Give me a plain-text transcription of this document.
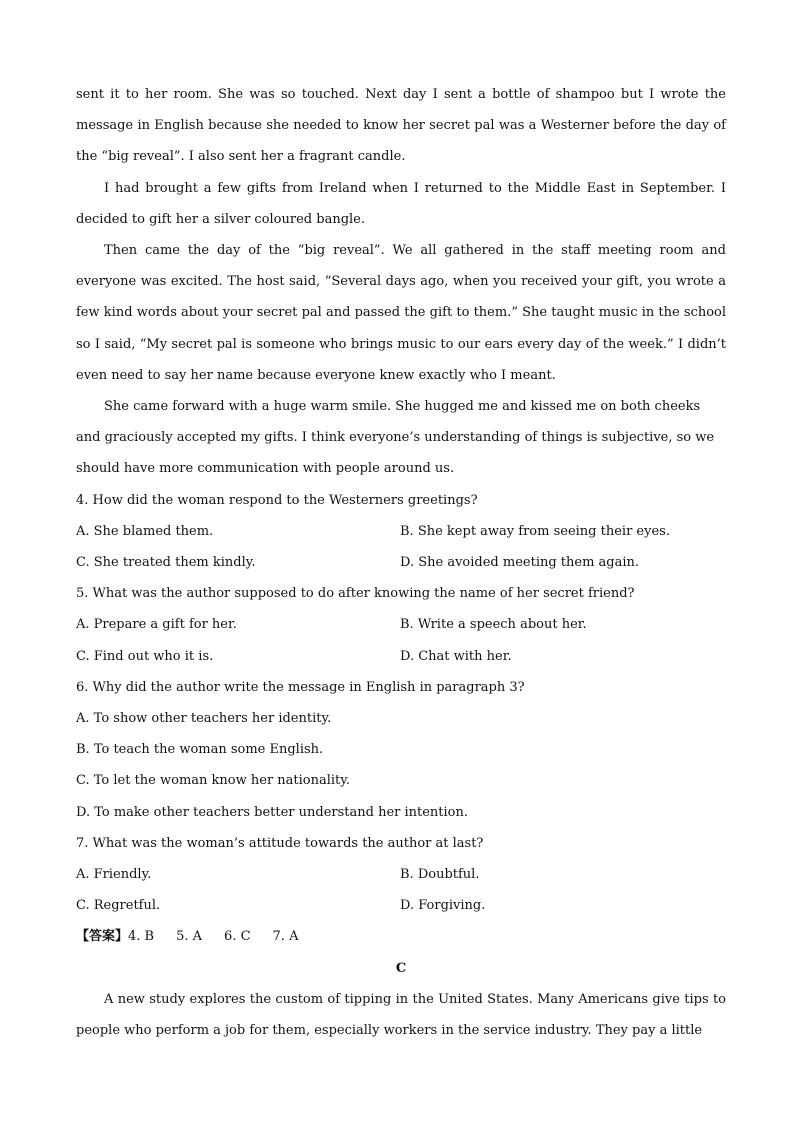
sent it to her room. She was so touched. Next day I sent a bottle of shampoo but I wrote the message in English because she needed to know her secret pal was a Westerner before the day of the “big reveal”. I also sent her a fragrant candle.

I had brought a few gifts from Ireland when I returned to the Middle East in September. I decided to gift her a silver coloured bangle.

Then came the day of the “big reveal”. We all gathered in the staff meeting room and everyone was excited. The host said, “Several days ago, when you received your gift, you wrote a few kind words about your secret pal and passed the gift to them.” She taught music in the school so I said, “My secret pal is someone who brings music to our ears every day of the week.” I didn’t even need to say her name because everyone knew exactly who I meant.

She came forward with a huge warm smile. She hugged me and kissed me on both cheeks and graciously accepted my gifts. I think everyone’s understanding of things is subjective, so we should have more communication with people around us.

4. How did the woman respond to the Westerners greetings?
A. She blamed them.	B. She kept away from seeing their eyes.
C. She treated them kindly.	D. She avoided meeting them again.
5. What was the author supposed to do after knowing the name of her secret friend?
A. Prepare a gift for her.	B. Write a speech about her.
C. Find out who it is.	D. Chat with her.
6. Why did the author write the message in English in paragraph 3?
A. To show other teachers her identity.
B. To teach the woman some English.
C. To let the woman know her nationality.
D. To make other teachers better understand her intention.
7. What was the woman’s attitude towards the author at last?
A. Friendly.	B. Doubtful.
C. Regretful.	D. Forgiving.
【答案】4. B 5. A 6. C 7. A
C

A new study explores the custom of tipping in the United States. Many Americans give tips to people who perform a job for them, especially workers in the service industry. They pay a little
